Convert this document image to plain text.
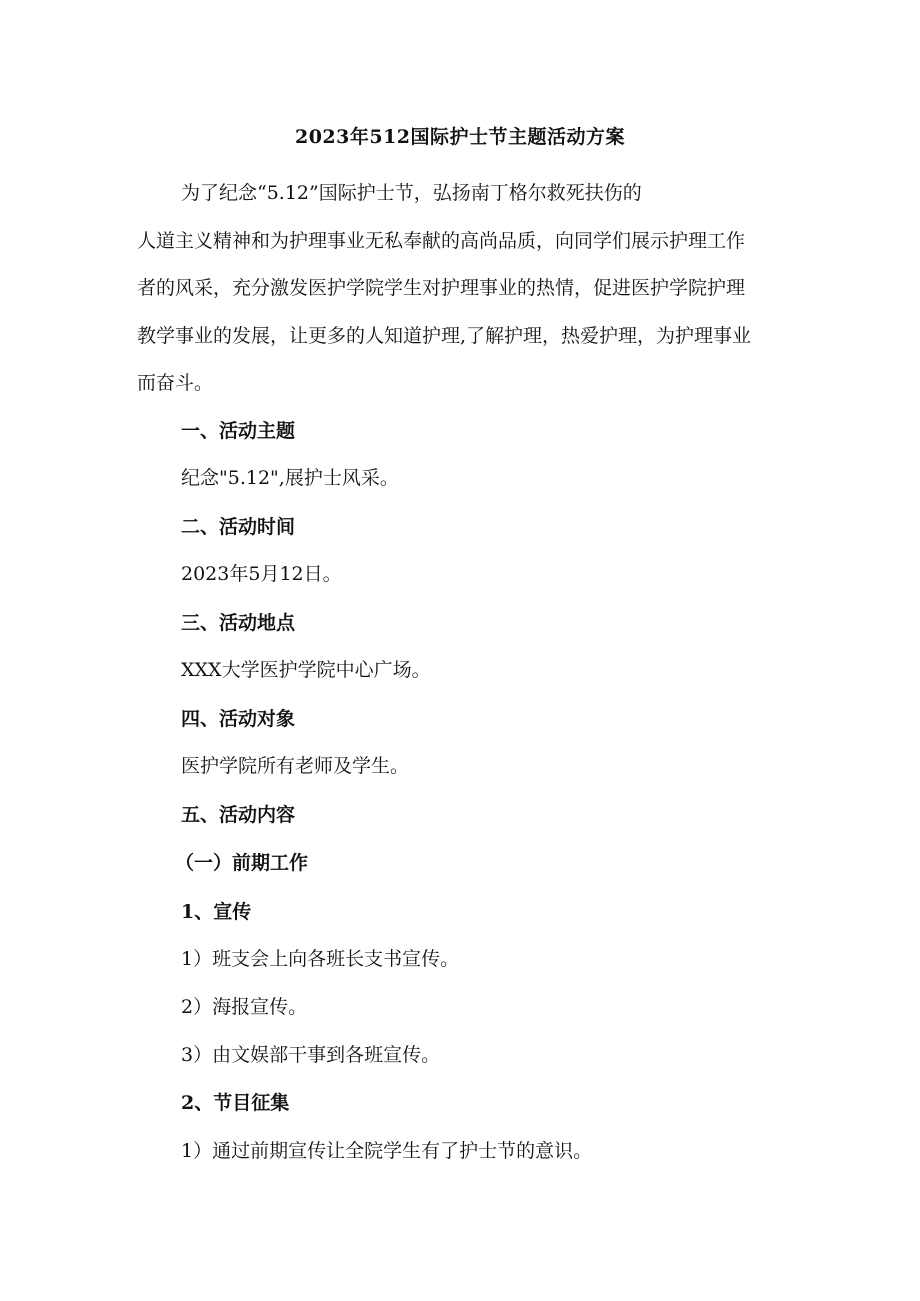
2023年512国际护士节主题活动方案
为了纪念“5.12”国际护士节，弘扬南丁格尔救死扶伤的
人道主义精神和为护理事业无私奉献的高尚品质，向同学们展示护理工作
者的风采，充分激发医护学院学生对护理事业的热情，促进医护学院护理
教学事业的发展，让更多的人知道护理,了解护理，热爱护理，为护理事业
而奋斗。
一、活动主题
纪念"5.12",展护士风采。
二、活动时间
2023年5月12日。
三、活动地点
XXX大学医护学院中心广场。
四、活动对象
医护学院所有老师及学生。
五、活动内容
（一）前期工作
1、宣传
1）班支会上向各班长支书宣传。
2）海报宣传。
3）由文娱部干事到各班宣传。
2、节目征集
1）通过前期宣传让全院学生有了护士节的意识。
